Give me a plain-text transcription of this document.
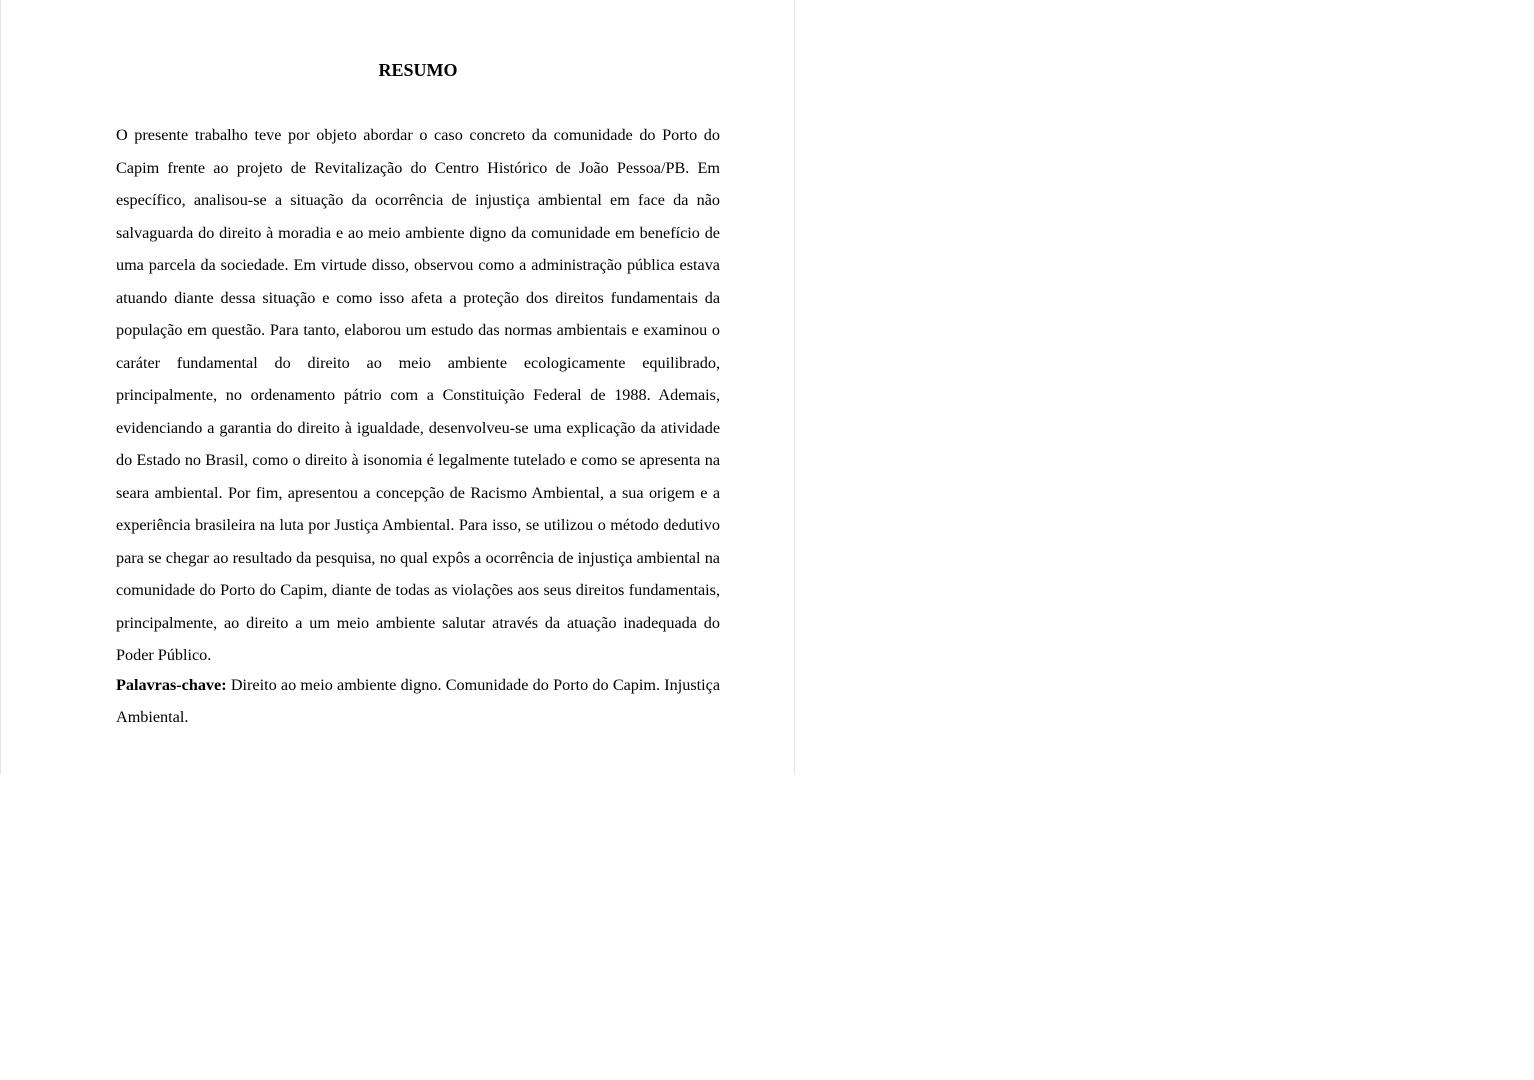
RESUMO

O presente trabalho teve por objeto abordar o caso concreto da comunidade do Porto do Capim frente ao projeto de Revitalização do Centro Histórico de João Pessoa/PB. Em específico, analisou-se a situação da ocorrência de injustiça ambiental em face da não salvaguarda do direito à moradia e ao meio ambiente digno da comunidade em benefício de uma parcela da sociedade. Em virtude disso, observou como a administração pública estava atuando diante dessa situação e como isso afeta a proteção dos direitos fundamentais da população em questão. Para tanto, elaborou um estudo das normas ambientais e examinou o caráter fundamental do direito ao meio ambiente ecologicamente equilibrado, principalmente, no ordenamento pátrio com a Constituição Federal de 1988. Ademais, evidenciando a garantia do direito à igualdade, desenvolveu-se uma explicação da atividade do Estado no Brasil, como o direito à isonomia é legalmente tutelado e como se apresenta na seara ambiental. Por fim, apresentou a concepção de Racismo Ambiental, a sua origem e a experiência brasileira na luta por Justiça Ambiental. Para isso, se utilizou o método dedutivo para se chegar ao resultado da pesquisa, no qual expôs a ocorrência de injustiça ambiental na comunidade do Porto do Capim, diante de todas as violações aos seus direitos fundamentais, principalmente, ao direito a um meio ambiente salutar através da atuação inadequada do Poder Público.

Palavras-chave: Direito ao meio ambiente digno. Comunidade do Porto do Capim. Injustiça Ambiental.
